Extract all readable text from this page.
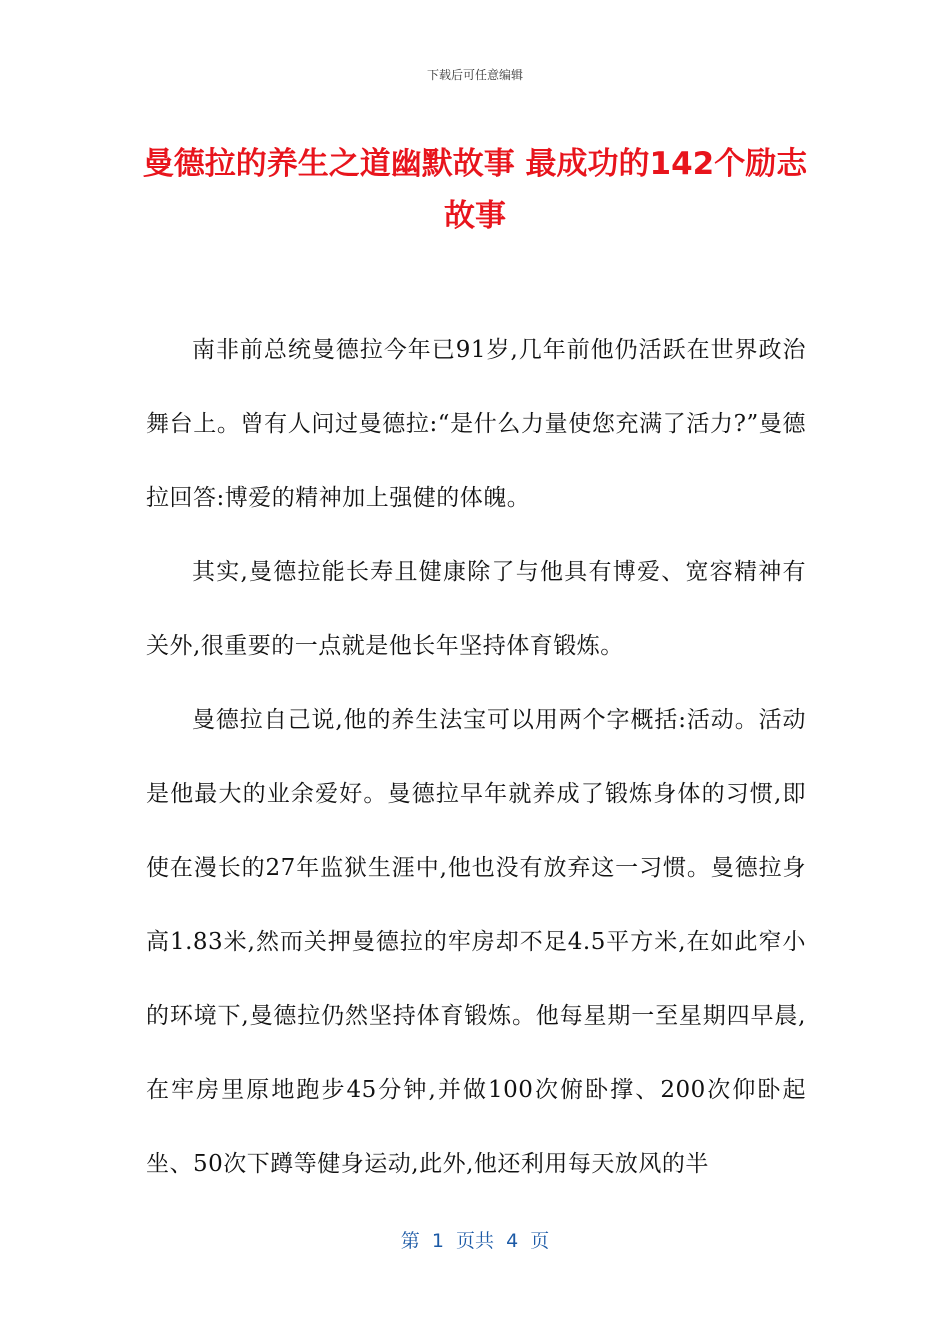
下载后可任意编辑
曼德拉的养生之道幽默故事 最成功的142个励志故事

南非前总统曼德拉今年已91岁,几年前他仍活跃在世界政治舞台上。曾有人问过曼德拉:“是什么力量使您充满了活力?”曼德拉回答:博爱的精神加上强健的体魄。

其实,曼德拉能长寿且健康除了与他具有博爱、宽容精神有关外,很重要的一点就是他长年坚持体育锻炼。

曼德拉自己说,他的养生法宝可以用两个字概括:活动。活动是他最大的业余爱好。曼德拉早年就养成了锻炼身体的习惯,即使在漫长的27年监狱生涯中,他也没有放弃这一习惯。曼德拉身高1.83米,然而关押曼德拉的牢房却不足4.5平方米,在如此窄小的环境下,曼德拉仍然坚持体育锻炼。他每星期一至星期四早晨,在牢房里原地跑步45分钟,并做100次俯卧撑、200次仰卧起坐、50次下蹲等健身运动,此外,他还利用每天放风的半

第  1  页共  4  页
